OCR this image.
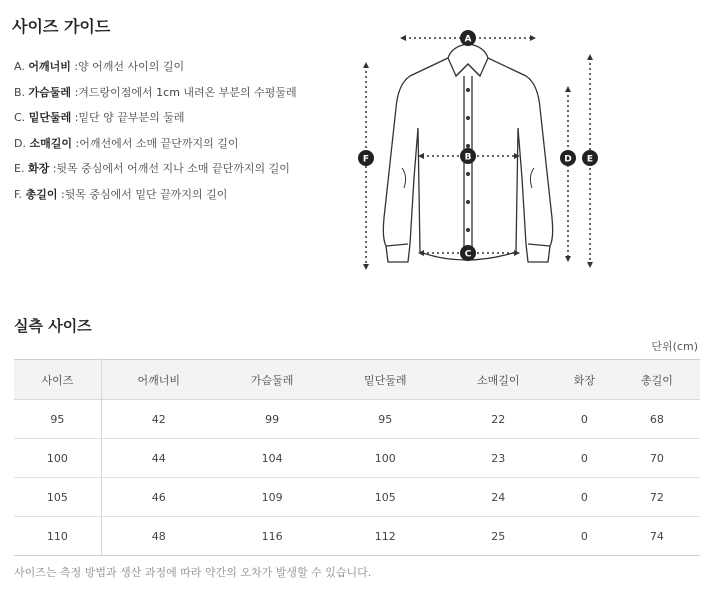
사이즈 가이드
A. 어깨너비 :양 어깨선 사이의 길이
B. 가슴둘레 :겨드랑이점에서 1cm 내려온 부분의 수평둘레
C. 밑단둘레 :밑단 양 끝부분의 둘레
D. 소매길이 :어깨선에서 소매 끝단까지의 길이
E. 화장 :뒷목 중심에서 어깨선 지나 소매 끝단까지의 길이
F. 총길이 :뒷목 중심에서 밑단 끝까지의 길이
A
B
C
D E
F
실측 사이즈
단위(cm)
사이즈	어깨너비	가슴둘레	밑단둘레	소매길이	화장	총길이
95	42	99	95	22	0	68
100	44	104	100	23	0	70
105	46	109	105	24	0	72
110	48	116	112	25	0	74
사이즈는 측정 방법과 생산 과정에 따라 약간의 오차가 발생할 수 있습니다.
